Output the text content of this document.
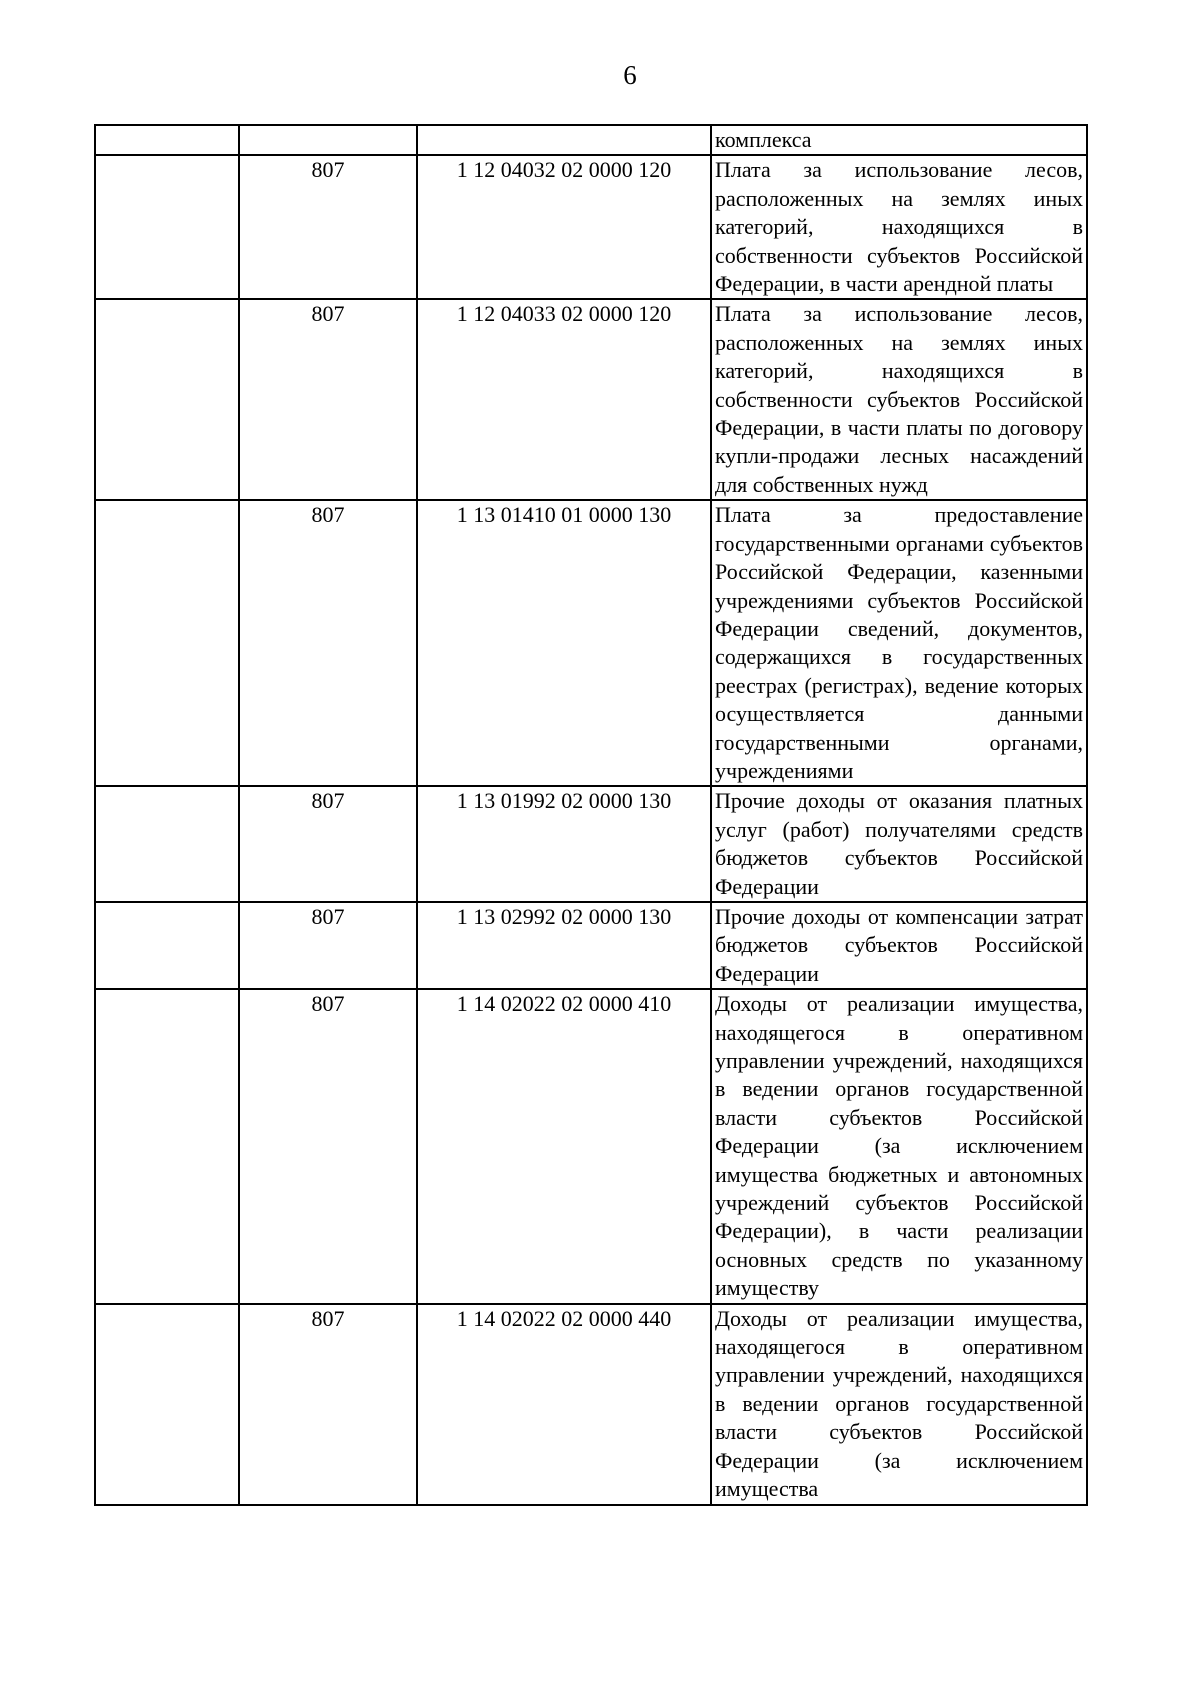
6

			комплекса

	807	1 12 04032 02 0000 120	Плата за использование лесов, расположенных на землях иных категорий, находящихся в собственности субъектов Российской Федерации, в части арендной платы

	807	1 12 04033 02 0000 120	Плата за использование лесов, расположенных на землях иных категорий, находящихся в собственности субъектов Российской Федерации, в части платы по договору купли-продажи лесных насаждений для собственных нужд

	807	1 13 01410 01 0000 130	Плата за предоставление государственными органами субъектов Российской Федерации, казенными учреждениями субъектов Российской Федерации сведений, документов, содержащихся в государственных реестрах (регистрах), ведение которых осуществляется данными государственными органами, учреждениями

	807	1 13 01992 02 0000 130	Прочие доходы от оказания платных услуг (работ) получателями средств бюджетов субъектов Российской Федерации

	807	1 13 02992 02 0000 130	Прочие доходы от компенсации затрат бюджетов субъектов Российской Федерации

	807	1 14 02022 02 0000 410	Доходы от реализации имущества, находящегося в оперативном управлении учреждений, находящихся в ведении органов государственной власти субъектов Российской Федерации (за исключением имущества бюджетных и автономных учреждений субъектов Российской Федерации), в части реализации основных средств по указанному имуществу

	807	1 14 02022 02 0000 440	Доходы от реализации имущества, находящегося в оперативном управлении учреждений, находящихся в ведении органов государственной власти субъектов Российской Федерации (за исключением имущества
